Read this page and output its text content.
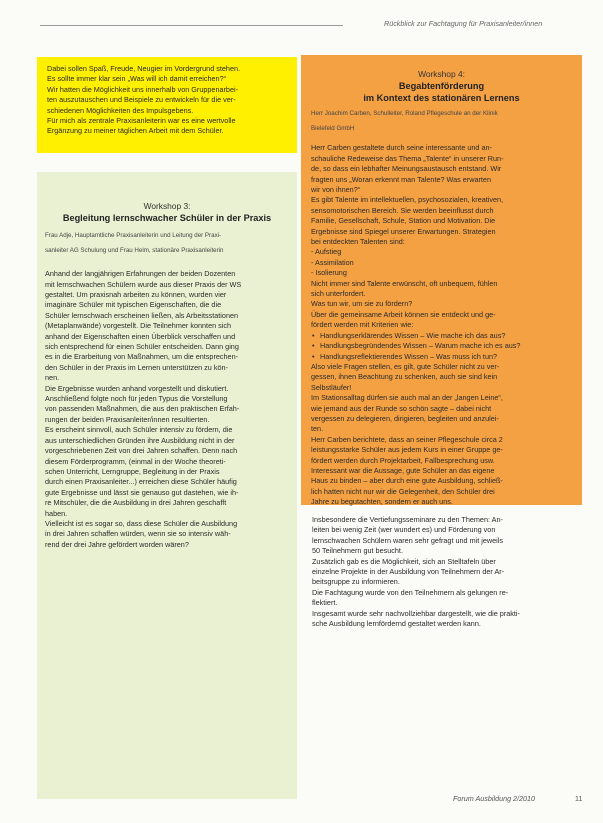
Rückblick zur Fachtagung für Praxisanleiter/innen

Dabei sollen Spaß, Freude, Neugier im Vordergrund stehen.

Es sollte immer klar sein „Was will ich damit erreichen?“

Wir hatten die Möglichkeit uns innerhalb von Gruppenarbei-

ten auszutauschen und Beispiele zu entwickeln für die ver-

schiedenen Möglichkeiten des Impulsgebens.

Für mich als zentrale Praxisanleiterin war es eine wertvolle

Ergänzung zu meiner täglichen Arbeit mit dem Schüler.

Workshop 3:
Begleitung lernschwacher Schüler in der Praxis

Frau Adje, Hauptamtliche Praxisanleiterin und Leitung der Praxi-

sanleiter AG Schulung und Frau Helm, stationäre Praxisanleiterin

Anhand der langjährigen Erfahrungen der beiden Dozenten

mit lernschwachen Schülern wurde aus dieser Praxis der WS

gestaltet. Um praxisnah arbeiten zu können, wurden vier

imaginäre Schüler mit typischen Eigenschaften, die die

Schüler lernschwach erscheinen ließen, als Arbeitsstationen

(Metaplanwände) vorgestellt. Die Teilnehmer konnten sich

anhand der Eigenschaften einen Überblick verschaffen und

sich entsprechend für einen Schüler entscheiden. Dann ging

es in die Erarbeitung von Maßnahmen, um die entsprechen-

den Schüler in der Praxis im Lernen unterstützen zu kön-

nen.

Die Ergebnisse wurden anhand vorgestellt und diskutiert.

Anschließend folgte noch für jeden Typus die Vorstellung

von passenden Maßnahmen, die aus den praktischen Erfah-

rungen der beiden Praxisanleiter/innen resultierten.

Es erscheint sinnvoll, auch Schüler intensiv zu fördern, die

aus unterschiedlichen Gründen ihre Ausbildung nicht in der

vorgeschriebenen Zeit von drei Jahren schaffen. Denn nach

diesem Förderprogramm, (einmal in der Woche theoreti-

schen Unterricht, Lerngruppe, Begleitung in der Praxis

durch einen Praxisanleiter...) erreichen diese Schüler häufig

gute Ergebnisse und lässt sie genauso gut dastehen, wie ih-

re Mitschüler, die die Ausbildung in drei Jahren geschafft

haben.

Vielleicht ist es sogar so, dass diese Schüler die Ausbildung

in drei Jahren schaffen würden, wenn sie so intensiv wäh-

rend der drei Jahre gefördert worden wären?

Workshop 4:
Begabtenförderung
im Kontext des stationären Lernens

Herr Joachim Carben, Schulleiter, Roland Pflegeschule an der Klinik

Bielefeld GmbH

Herr Carben gestaltete durch seine interessante und an-

schauliche Redeweise das Thema „Talente“ in unserer Run-

de, so dass ein lebhafter Meinungsaustausch entstand. Wir

fragten uns „Woran erkennt man Talente? Was erwarten

wir von ihnen?“

Es gibt Talente im intellektuellen, psychosozialen, kreativen,

sensomotorischen Bereich. Sie werden beeinflusst durch

Familie, Gesellschaft, Schule, Station und Motivation. Die

Ergebnisse sind Spiegel unserer Erwartungen. Strategien

bei entdeckten Talenten sind:

- Aufstieg

- Assimilation

- Isolierung

Nicht immer sind Talente erwünscht, oft unbequem, fühlen

sich unterfordert.

Was tun wir, um sie zu fördern?

Über die gemeinsame Arbeit können sie entdeckt und ge-

fördert werden mit Kriterien wie:

• Handlungserklärendes Wissen – Wie mache ich das aus?
• Handlungsbegründendes Wissen – Warum mache ich es aus?
• Handlungsreflektierendes Wissen – Was muss ich tun?

Also viele Fragen stellen, es gilt, gute Schüler nicht zu ver-

gessen, ihnen Beachtung zu schenken, auch sie sind kein

Selbstläufer!

Im Stationsalltag dürfen sie auch mal an der „langen Leine“,

wie jemand aus der Runde so schön sagte – dabei nicht

vergessen zu delegieren, dirigieren, begleiten und anzulei-

ten.

Herr Carben berichtete, dass an seiner Pflegeschule circa 2

leistungsstarke Schüler aus jedem Kurs in einer Gruppe ge-

fördert werden durch Projektarbeit, Fallbesprechung usw.

Interessant war die Aussage, gute Schüler an das eigene

Haus zu binden – aber durch eine gute Ausbildung, schließ-

lich hatten nicht nur wir die Gelegenheit, den Schüler drei

Jahre zu begutachten, sondern er auch uns.

Insbesondere die Vertiefungsseminare zu den Themen: An-

leiten bei wenig Zeit (wer wundert es) und Förderung von

lernschwachen Schülern waren sehr gefragt und mit jeweils

50 Teilnehmern gut besucht.

Zusätzlich gab es die Möglichkeit, sich an Stelltafeln über

einzelne Projekte in der Ausbildung von Teilnehmern der Ar-

beitsgruppe zu informieren.

Die Fachtagung wurde von den Teilnehmern als gelungen re-

flektiert.

Insgesamt wurde sehr nachvollziehbar dargestellt, wie die prakti-

sche Ausbildung lernfördernd gestaltet werden kann.

Forum Ausbildung 2/2010	11
